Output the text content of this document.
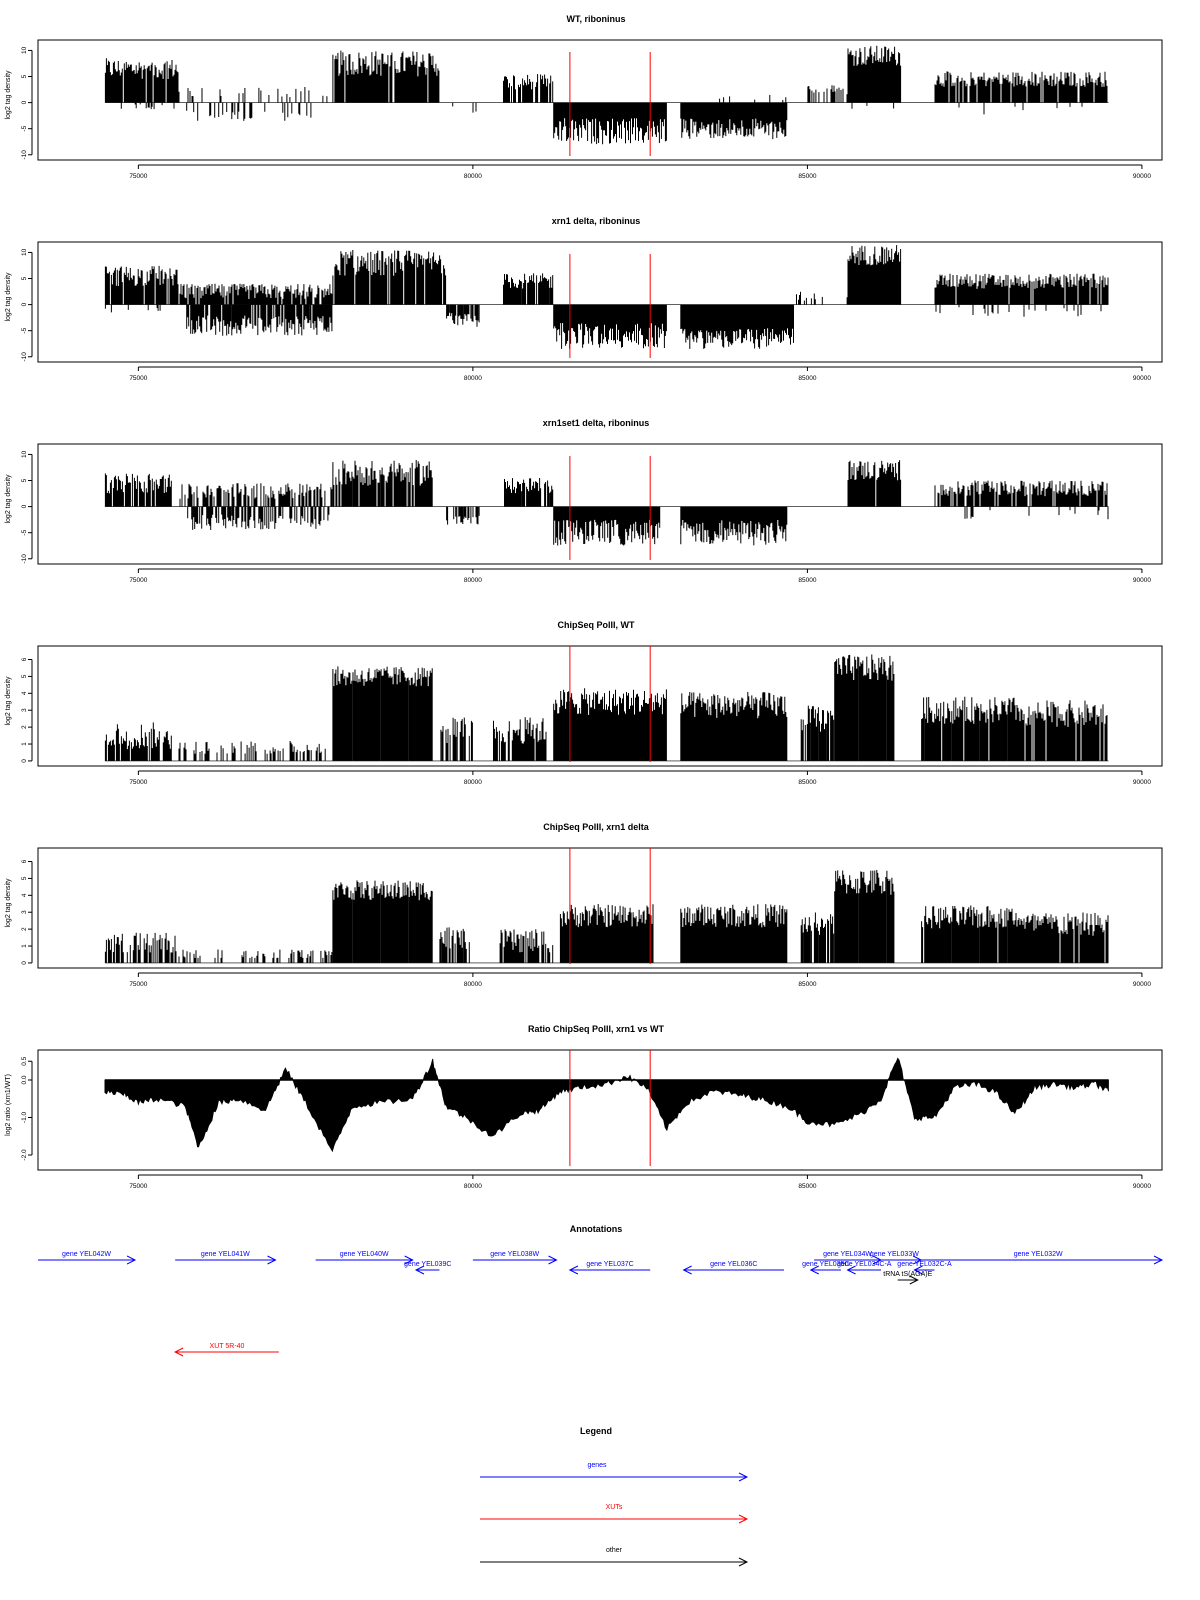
WT, riboninus
log2 tag density
10
5
0
-5
-10
75000	80000	85000	90000
xrn1 delta, riboninus
log2 tag density
10
5
0
-5
-10
75000	80000	85000	90000
xrn1set1 delta, riboninus
log2 tag density
10
5
0
-5
-10
75000	80000	85000	90000
ChipSeq PolII, WT
log2 tag density
6
5
4
3
2
1
0
75000	80000	85000	90000
ChipSeq PolII, xrn1 delta
log2 tag density
6
5
4
3
2
1
0
75000	80000	85000	90000
Ratio ChipSeq PolII, xrn1 vs WT
log2 ratio (xrn1/WT)
0.5
0.0
-1.0
-2.0
75000	80000	85000	90000
Annotations
gene YEL042W	gene YEL041W	gene YEL040W
gene YEL039C
gene YEL038W
gene YEL037C	gene YEL036C	gene YEL035C
gene YEL034W
gene YEL034C-A
gene YEL033W
gene YEL032C-A
tRNA tS(AGA)E
gene YEL032W
XUT 5R-40
Legend
genes
XUTs
other
